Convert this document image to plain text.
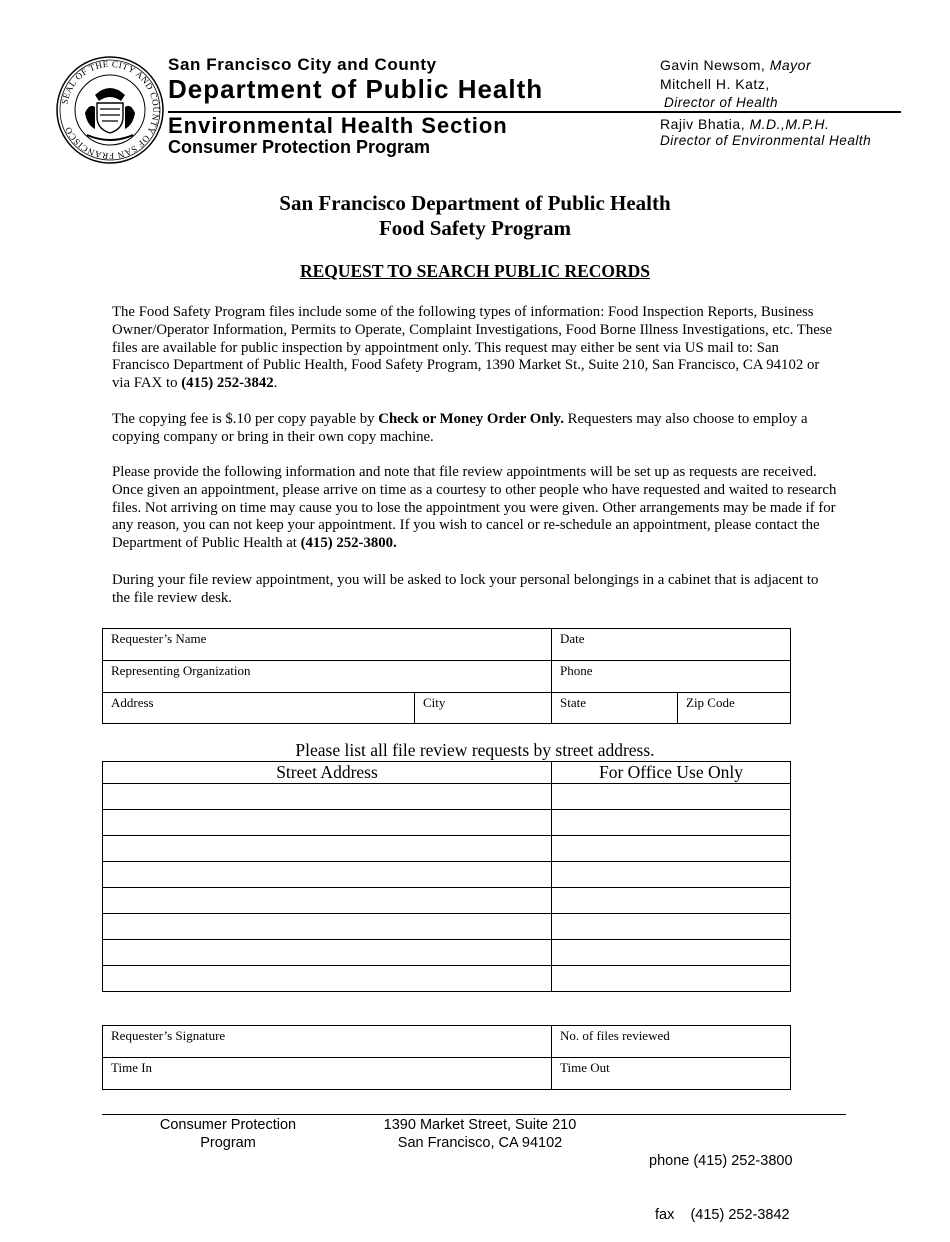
SEAL OF THE CITY AND COUNTY OF SAN FRANCISCO
San Francisco City and County
Department of Public Health
Environmental Health Section
Consumer Protection Program
Gavin Newsom, Mayor
Mitchell H. Katz,
Director of Health
Rajiv Bhatia, M.D.,M.P.H.
Director of Environmental Health
San Francisco Department of Public Health
Food Safety Program
REQUEST TO SEARCH PUBLIC RECORDS
The Food Safety Program files include some of the following types of information: Food Inspection Reports, Business Owner/Operator Information, Permits to Operate, Complaint Investigations, Food Borne Illness Investigations, etc. These files are available for public inspection by appointment only. This request may either be sent via US mail to: San Francisco Department of Public Health, Food Safety Program, 1390 Market St., Suite 210, San Francisco, CA 94102 or via FAX to (415) 252-3842.
The copying fee is $.10 per copy payable by Check or Money Order Only. Requesters may also choose to employ a copying company or bring in their own copy machine.
Please provide the following information and note that file review appointments will be set up as requests are received. Once given an appointment, please arrive on time as a courtesy to other people who have requested and waited to research files. Not arriving on time may cause you to lose the appointment you were given. Other arrangements may be made if for any reason, you can not keep your appointment. If you wish to cancel or re-schedule an appointment, please contact the Department of Public Health at (415) 252-3800.
During your file review appointment, you will be asked to lock your personal belongings in a cabinet that is adjacent to the file review desk.
Requester’s Name	Date
Representing Organization	Phone
Address	City	State	Zip Code
Please list all file review requests by street address.
Street Address	For Office Use Only
Requester’s Signature	No. of files reviewed
Time In	Time Out
Consumer Protection
Program
1390 Market Street, Suite 210
San Francisco, CA 94102

phone (415) 252-3800

fax    (415) 252-3842
